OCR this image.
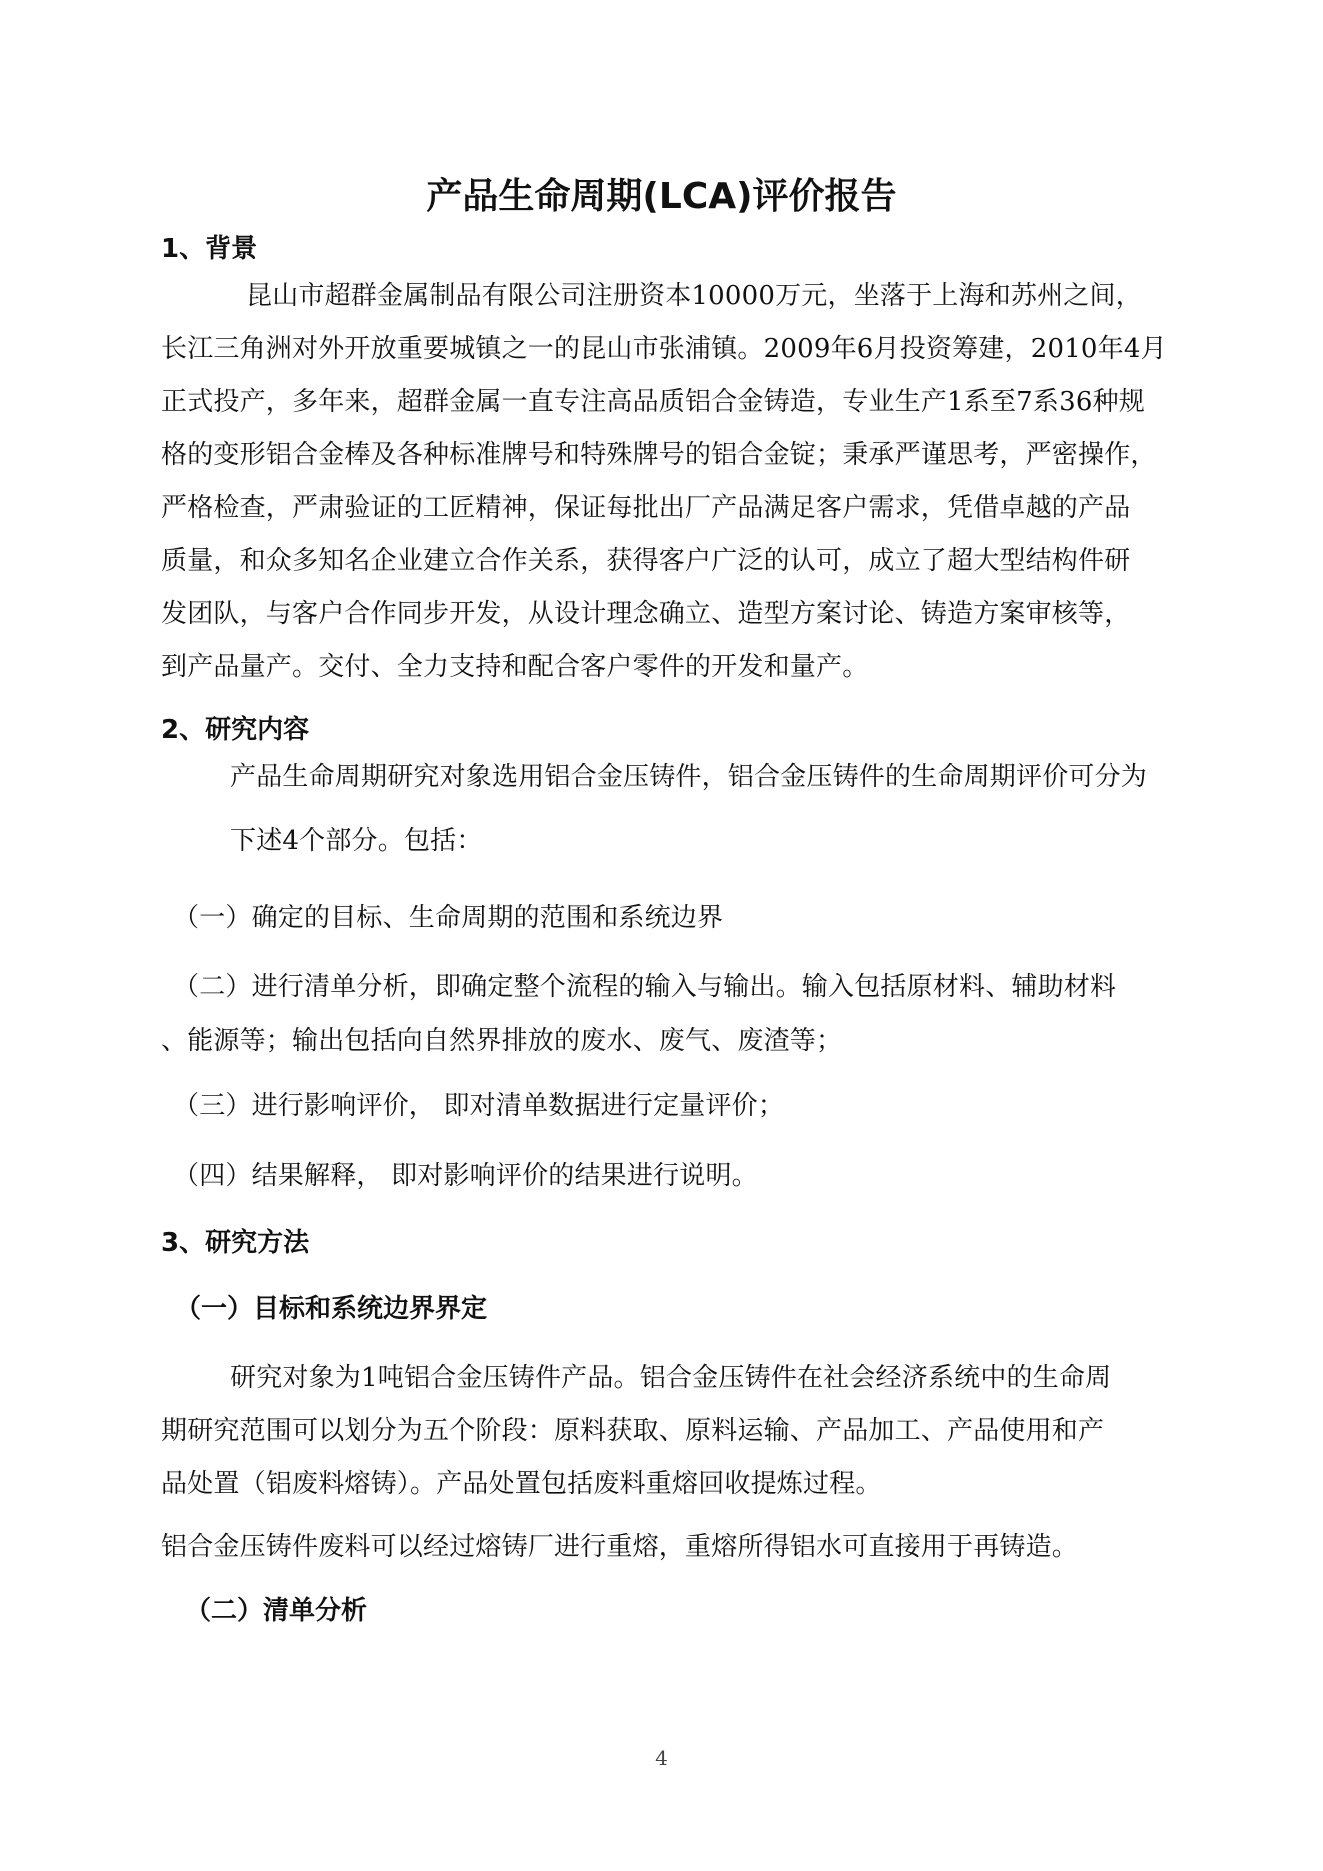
产品生命周期(LCA)评价报告
1、背景
昆山市超群金属制品有限公司注册资本10000万元，坐落于上海和苏州之间，
长江三角洲对外开放重要城镇之一的昆山市张浦镇。2009年6月投资筹建，2010年4月
正式投产，多年来，超群金属一直专注高品质铝合金铸造，专业生产1系至7系36种规
格的变形铝合金棒及各种标准牌号和特殊牌号的铝合金锭；秉承严谨思考，严密操作，
严格检查，严肃验证的工匠精神，保证每批出厂产品满足客户需求，凭借卓越的产品
质量，和众多知名企业建立合作关系，获得客户广泛的认可，成立了超大型结构件研
发团队，与客户合作同步开发，从设计理念确立、造型方案讨论、铸造方案审核等，
到产品量产。交付、全力支持和配合客户零件的开发和量产。
2、研究内容
产品生命周期研究对象选用铝合金压铸件，铝合金压铸件的生命周期评价可分为
下述4个部分。包括：
（一）确定的目标、生命周期的范围和系统边界
（二）进行清单分析，即确定整个流程的输入与输出。输入包括原材料、辅助材料
、能源等；输出包括向自然界排放的废水、废气、废渣等；
（三）进行影响评价， 即对清单数据进行定量评价；
（四）结果解释， 即对影响评价的结果进行说明。
3、研究方法
（一）目标和系统边界界定
研究对象为1吨铝合金压铸件产品。铝合金压铸件在社会经济系统中的生命周
期研究范围可以划分为五个阶段：原料获取、原料运输、产品加工、产品使用和产
品处置（铝废料熔铸）。产品处置包括废料重熔回收提炼过程。
铝合金压铸件废料可以经过熔铸厂进行重熔，重熔所得铝水可直接用于再铸造。
（二）清单分析
4
